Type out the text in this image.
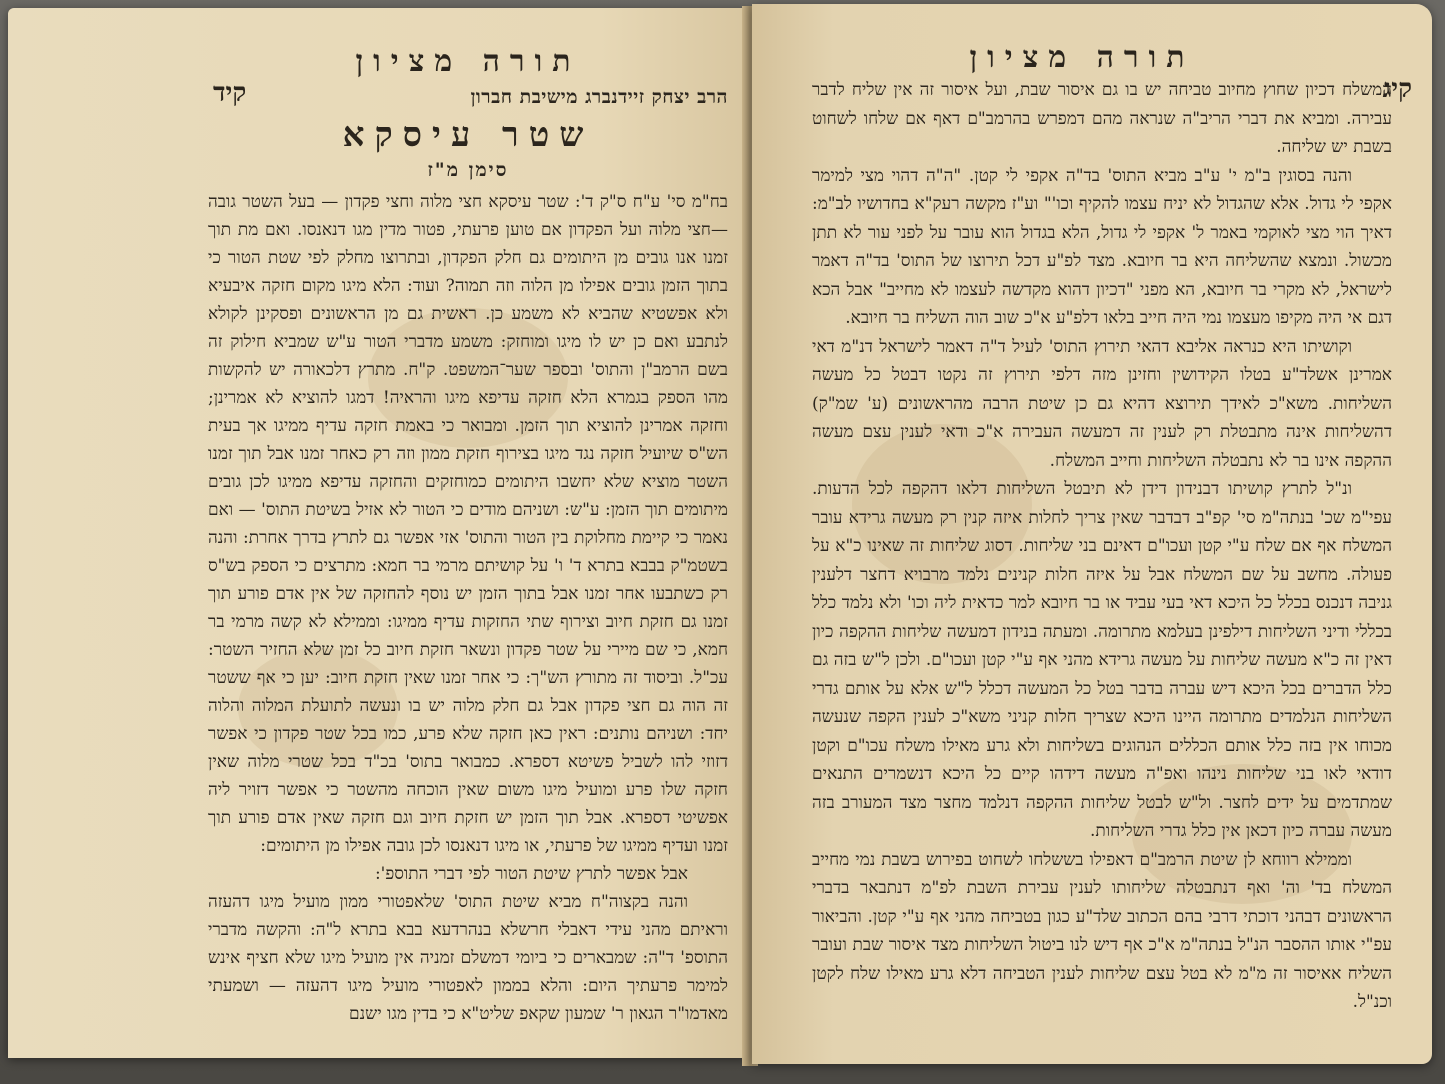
תורה מציון
קיד	הרב יצחק זיידנברג מישיבת חברון
שטר עיסקא
סימן מ"ז

בח"מ סי' ע"ח ס"ק ד': שטר עיסקא חצי מלוה וחצי פקדון — בעל השטר גובה—חצי מלוה ועל הפקדון אם טוען פרעתי, פטור מדין מגו דנאנסו. ואם מת תוך זמנו אנו גובים מן היתומים גם חלק הפקדון, ובתרוצו מחלק לפי שטת הטור כי בתוך הזמן גובים אפילו מן הלוה וזה תמוה? ועוד: הלא מיגו מקום חזקה איבעיא ולא אפשטיא שהביא לא משמע כן. ראשית גם מן הראשונים ופסקינן לקולא לנתבע ואם כן יש לו מיגו ומוחזק: משמע מדברי הטור ע"ש שמביא חילוק זה בשם הרמב"ן והתוס' ובספר שער־המשפט. ק"ח. מתרץ דלכאורה יש להקשות מהו הספק בגמרא הלא חזקה עדיפא מיגו והראיה! דמגו להוציא לא אמרינן; וחזקה אמרינן להוציא תוך הזמן. ומבואר כי באמת חזקה עדיף ממיגו אך בעית הש"ס שיועיל חזקה נגד מיגו בצירוף חזקת ממון וזה רק כאחר זמנו אבל תוך זמנו השטר מוציא שלא יחשבו היתומים כמוחזקים והחזקה עדיפא ממיגו לכן גובים מיתומים תוך הזמן: ע"ש: ושניהם מודים כי הטור לא אזיל בשיטת התוס' — ואם נאמר כי קיימת מחלוקת בין הטור והתוס' אזי אפשר גם לתרץ בדרך אחרת: והנה בשטמ"ק בבבא בתרא ד' ו' על קושיתם מרמי בר חמא: מתרצים כי הספק בש"ס רק כשתבעו אחר זמנו אבל בתוך הזמן יש נוסף להחזקה של אין אדם פורע תוך זמנו גם חזקת חיוב וצירוף שתי החזקות עדיף ממיגו: וממילא לא קשה מרמי בר חמא, כי שם מיירי על שטר פקדון ונשאר חזקת חיוב כל זמן שלא החזיר השטר: עכ"ל. וביסוד זה מתורץ הש"ך: כי אחר זמנו שאין חזקת חיוב: יען כי אף ששטר זה הוה גם חצי פקדון אבל גם חלק מלוה יש בו ונעשה לתועלת המלוה והלוה יחד: ושניהם נותנים: ראין כאן חזקה שלא פרע, כמו בכל שטר פקדון כי אפשר דזוזי להו לשביל פשיטא דספרא. כמבואר בתוס' בכ"ד בכל שטרי מלוה שאין חזקה שלו פרע ומועיל מיגו משום שאין הוכחה מהשטר כי אפשר דזויר ליה אפשיטי דספרא. אבל תוך הזמן יש חזקת חיוב וגם חזקה שאין אדם פורע תוך זמנו ועדיף ממיגו של פרעתי, או מיגו דנאנסו לכן גובה אפילו מן היתומים:

אבל אפשר לתרץ שיטת הטור לפי דברי התוספ':

והנה בקצוה"ח מביא שיטת התוס' שלאפטורי ממון מועיל מיגו דהעזה וראיתם מהני עידי דאבלי חרשלא בנהרדעא בבא בתרא ל"ה: והקשה מדברי התוספ' ד"ה: שמבארים כי ביומי דמשלם זמניה אין מועיל מיגו שלא חציף אינש למימר פרעתיך היום: והלא בממון לאפטורי מועיל מיגו דהעזה — ושמעתי מאדמו"ר הגאון ר' שמעון שקאפ שליט"א כי בדין מגו ישנם

תורה מציון
קיג

המשלח דכיון שחוץ מחיוב טביחה יש בו גם איסור שבת, ועל איסור זה אין שליח לדבר עבירה. ומביא את דברי הריב"ה שנראה מהם דמפרש בהרמב"ם דאף אם שלחו לשחוט בשבת יש שליחה.

והנה בסוגין ב"מ י' ע"ב מביא התוס' בד"ה אקפי לי קטן. "ה"ה דהוי מצי למימר אקפי לי גדול. אלא שהגדול לא יניח עצמו להקיף וכו'" וע"ז מקשה רעק"א בחדושיו לב"מ: דאיך הוי מצי לאוקמי באמר ל' אקפי לי גדול, הלא בגדול הוא עובר על לפני עור לא תתן מכשול. ונמצא שהשליחה היא בר חיובא. מצד לפ"ע דכל תירוצו של התוס' בד"ה דאמר לישראל, לא מקרי בר חיובא, הא מפני "דכיון דהוא מקדשה לעצמו לא מחייב" אבל הכא דגם אי היה מקיפו מעצמו נמי היה חייב בלאו דלפ"ע א"כ שוב הוה השליח בר חיובא.

וקושיתו היא כנראה אליבא דהאי תירוץ התוס' לעיל ד"ה דאמר לישראל דנ"מ דאי אמרינן אשלד"ע בטלו הקידושין וחזינן מזה דלפי תירוץ זה נקטו דבטל כל מעשה השליחות. משא"כ לאידך תירוצא דהיא גם כן שיטת הרבה מהראשונים (ע' שמ"ק) דהשליחות אינה מתבטלת רק לענין זה דמעשה העבירה א"כ ודאי לענין עצם מעשה ההקפה אינו בר לא נתבטלה השליחות וחייב המשלח.

ונ"ל לתרץ קושיתו דבנידון דידן לא תיבטל השליחות דלאו דהקפה לכל הדעות. עפי"מ שכ' בנתה"מ סי' קפ"ב דבדבר שאין צריך לחלות איזה קנין רק מעשה גרידא עובר המשלח אף אם שלח ע"י קטן ועכו"ם דאינם בני שליחות. דסוג שליחות זה שאינו כ"א על פעולה. מחשב על שם המשלח אבל על איזה חלות קנינים נלמד מרבויא דחצר דלענין גניבה דנכנס בכלל כל היכא דאי בעי עביד או בר חיובא למר כדאית ליה וכו' ולא נלמד כלל בכללי ודיני השליחות דילפינן בעלמא מתרומה. ומעתה בנידון דמעשה שליחות ההקפה כיון דאין זה כ"א מעשה שליחות על מעשה גרידא מהני אף ע"י קטן ועכו"ם. ולכן ל"ש בזה גם כלל הדברים בכל היכא דיש עברה בדבר בטל כל המעשה דכלל ל"ש אלא על אותם גדרי השליחות הנלמדים מתרומה היינו היכא שצריך חלות קניני משא"כ לענין הקפה שנעשה מכוחו אין בזה כלל אותם הכללים הנהוגים בשליחות ולא גרע מאילו משלח עכו"ם וקטן דודאי לאו בני שליחות נינהו ואפ"ה מעשה דידהו קיים כל היכא דנשמרים התנאים שמתדמים על ידים לחצר. ול"ש לבטל שליחות ההקפה דנלמד מחצר מצד המעורב בזה מעשה עברה כיון דכאן אין כלל גדרי השליחות.

וממילא רווחא לן שיטת הרמב"ם דאפילו בששלחו לשחוט בפירוש בשבת נמי מחייב המשלח בד' וה' ואף דנתבטלה שליחותו לענין עבירת השבת לפ"מ דנתבאר בדברי הראשונים דבהני דוכתי דרבי בהם הכתוב שלד"ע כגון בטביחה מהני אף ע"י קטן. והביאור עפ"י אותו ההסבר הנ"ל בנתה"מ א"כ אף דיש לנו ביטול השליחות מצד איסור שבת ועובר השליח אאיסור זה מ"מ לא בטל עצם שליחות לענין הטביחה דלא גרע מאילו שלח לקטן וכנ"ל.
